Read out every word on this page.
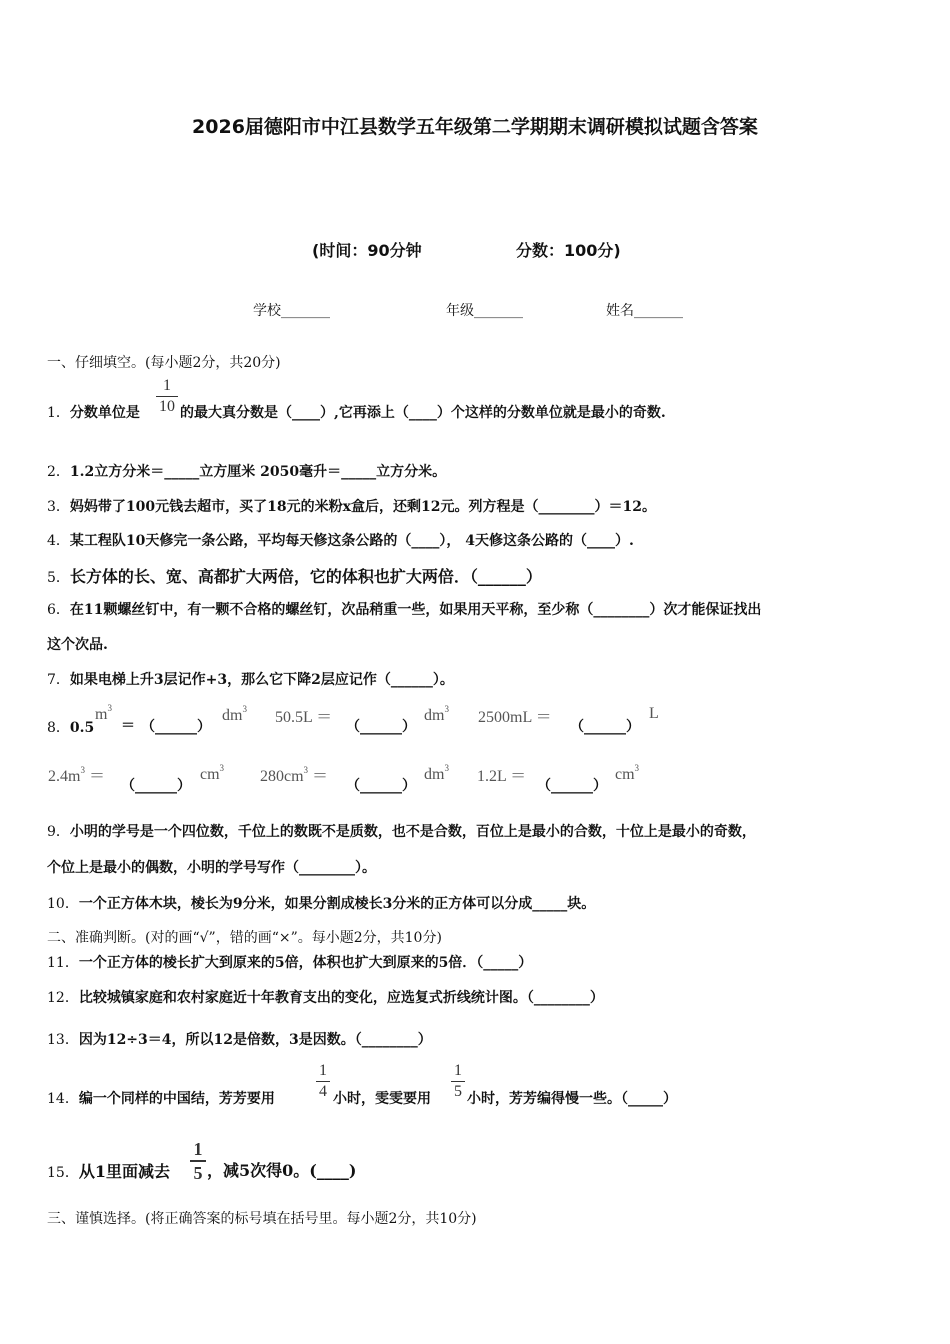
2026届德阳市中江县数学五年级第二学期期末调研模拟试题含答案
(时间：90分钟	分数：100分)
学校_______	年级_______	姓名_______
一、仔细填空。(每小题2分，共20分)
1．分数单位是
1
10 的最大真分数是（____）,它再添上（____）个这样的分数单位就是最小的奇数.
2．1.2立方分米＝_____立方厘米 2050毫升＝_____立方分米。
3．妈妈带了100元钱去超市，买了18元的米粉x盒后，还剩12元。列方程是（________）＝12。
4．某工程队10天修完一条公路，平均每天修这条公路的（____）， 4天修这条公路的（____）.
5．长方体的长、宽、高都扩大两倍，它的体积也扩大两倍．（______）
6．在11颗螺丝钉中，有一颗不合格的螺丝钉，次品稍重一些，如果用天平称，至少称（________）次才能保证找出
这个次品.
7．如果电梯上升3层记作+3，那么它下降2层应记作（______）。
8．0.5
$m^3$
＝ （______）
$dm^3$ 50.5L ＝
（______）
$dm^3$ 2500mL ＝
（______）
L
$2.4m^3$ ＝
（______）
$cm^3$ $280cm^3$ ＝
（______）
$dm^3$ 1.2L ＝
（______）
$cm^3$
9．小明的学号是一个四位数，千位上的数既不是质数，也不是合数，百位上是最小的合数，十位上是最小的奇数，
个位上是最小的偶数，小明的学号写作（________）。
10．一个正方体木块，棱长为9分米，如果分割成棱长3分米的正方体可以分成_____块。
二、准确判断。(对的画“√”，错的画“×”。每小题2分，共10分)
11．一个正方体的棱长扩大到原来的5倍，体积也扩大到原来的5倍．（_____）
12．比较城镇家庭和农村家庭近十年教育支出的变化，应选复式折线统计图。（________）
13．因为12÷3＝4，所以12是倍数，3是因数。（________）
14．编一个同样的中国结，芳芳要用
1
4 小时，雯雯要用
1
5 小时，芳芳编得慢一些。（_____）
15．从1里面减去
1
5 ，减5次得0。(____)
三、谨慎选择。(将正确答案的标号填在括号里。每小题2分，共10分)
